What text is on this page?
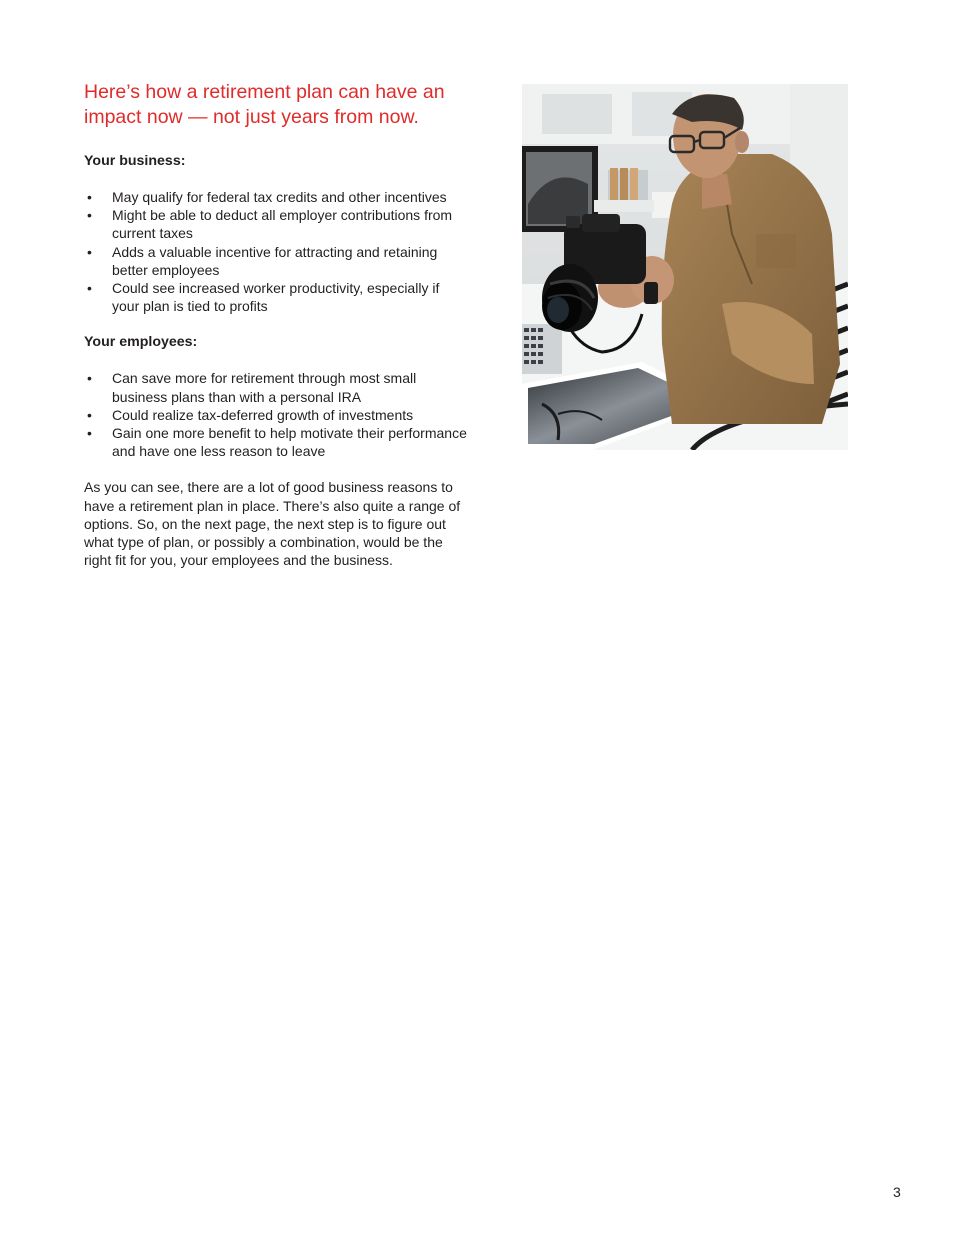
Here’s how a retirement plan can have an impact now — not just years from now.
Your business:
• May qualify for federal tax credits and other incentives
• Might be able to deduct all employer contributions from current taxes
• Adds a valuable incentive for attracting and retaining better employees
• Could see increased worker productivity, especially if your plan is tied to profits
Your employees:
• Can save more for retirement through most small business plans than with a personal IRA
• Could realize tax-deferred growth of investments
• Gain one more benefit to help motivate their performance and have one less reason to leave

As you can see, there are a lot of good business reasons to have a retirement plan in place. There’s also quite a range of options. So, on the next page, the next step is to figure out what type of plan, or possibly a combination, would be the right fit for you, your employees and the business.

3
